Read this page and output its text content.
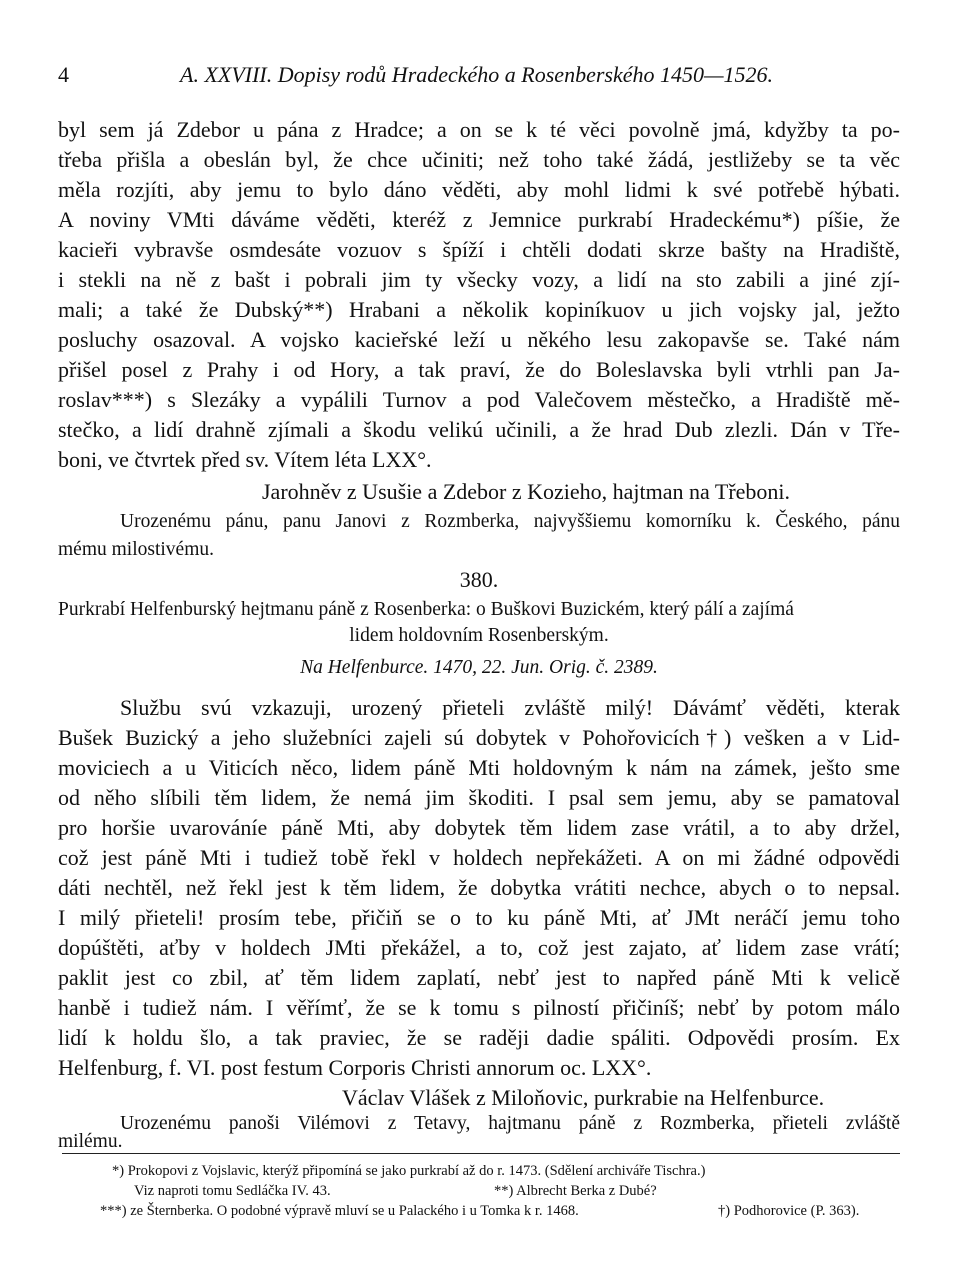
4	A. XXVIII. Dopisy rodů Hradeckého a Rosenberského 1450—1526.
byl sem já Zdebor u pána z Hradce; a on se k té věci povolně jmá, kdyžby ta po-
třeba přišla a obeslán byl, že chce učiniti; než toho také žádá, jestližeby se ta věc
měla rozjíti, aby jemu to bylo dáno věděti, aby mohl lidmi k své potřebě hýbati.
A noviny VMti dáváme věděti, kteréž z Jemnice purkrabí Hradeckému*) píšie, že
kacieři vybravše osmdesáte vozuov s špíží i chtěli dodati skrze bašty na Hradiště,
i stekli na ně z bašt i pobrali jim ty všecky vozy, a lidí na sto zabili a jiné zjí-
mali; a také že Dubský**) Hrabani a několik kopiníkuov u jich vojsky jal, ježto
posluchy osazoval. A vojsko kacieřské leží u někého lesu zakopavše se. Také nám
přišel posel z Prahy i od Hory, a tak praví, že do Boleslavska byli vtrhli pan Ja-
roslav***) s Slezáky a vypálili Turnov a pod Valečovem městečko, a Hradiště mě-
stečko, a lidí drahně zjímali a škodu velikú učinili, a že hrad Dub zlezli. Dán v Tře-
boni, ve čtvrtek před sv. Vítem léta LXX°.
Jarohněv z Usušie a Zdebor z Kozieho, hajtman na Třeboni.
Urozenému pánu, panu Janovi z Rozmberka, najvyššiemu komorníku k. Českého, pánu
mému milostivému.
380.
Purkrabí Helfenburský hejtmanu páně z Rosenberka: o Buškovi Buzickém, který pálí a zajímá
lidem holdovním Rosenberským.
Na Helfenburce. 1470, 22. Jun. Orig. č. 2389.
Službu svú vzkazuji, urozený přieteli zvláště milý! Dávámť věděti, kterak
Bušek Buzický a jeho služebníci zajeli sú dobytek v Pohořovicích†) vešken a v Lid-
moviciech a u Viticích něco, lidem páně Mti holdovným k nám na zámek, ješto sme
od něho slíbili těm lidem, že nemá jim škoditi. I psal sem jemu, aby se pamatoval
pro horšie uvarováníe páně Mti, aby dobytek těm lidem zase vrátil, a to aby držel,
což jest páně Mti i tudiež tobě řekl v holdech nepřekážeti. A on mi žádné odpovědi
dáti nechtěl, než řekl jest k těm lidem, že dobytka vrátiti nechce, abych o to nepsal.
I milý přieteli! prosím tebe, přičiň se o to ku páně Mti, ať JMt neráčí jemu toho
dopúštěti, aťby v holdech JMti překážel, a to, což jest zajato, ať lidem zase vrátí;
paklit jest co zbil, ať těm lidem zaplatí, nebť jest to napřed páně Mti k velicě
hanbě i tudiež nám. I věřímť, že se k tomu s pilností přičiníš; nebť by potom málo
lidí k holdu šlo, a tak praviec, že se raději dadie spáliti. Odpovědi prosím. Ex
Helfenburg, f. VI. post festum Corporis Christi annorum oc. LXX°.
Václav Vlášek z Miloňovic, purkrabie na Helfenburce.
Urozenému panoši Vilémovi z Tetavy, hajtmanu páně z Rozmberka, přieteli zvláště
milému.
*) Prokopovi z Vojslavic, kterýž připomíná se jako purkrabí až do r. 1473. (Sdělení archiváře Tischra.)
Viz naproti tomu Sedláčka IV. 43.	**) Albrecht Berka z Dubé?
***) ze Šternberka. O podobné výpravě mluví se u Palackého i u Tomka k r. 1468.	†) Podhorovice (P. 363).
